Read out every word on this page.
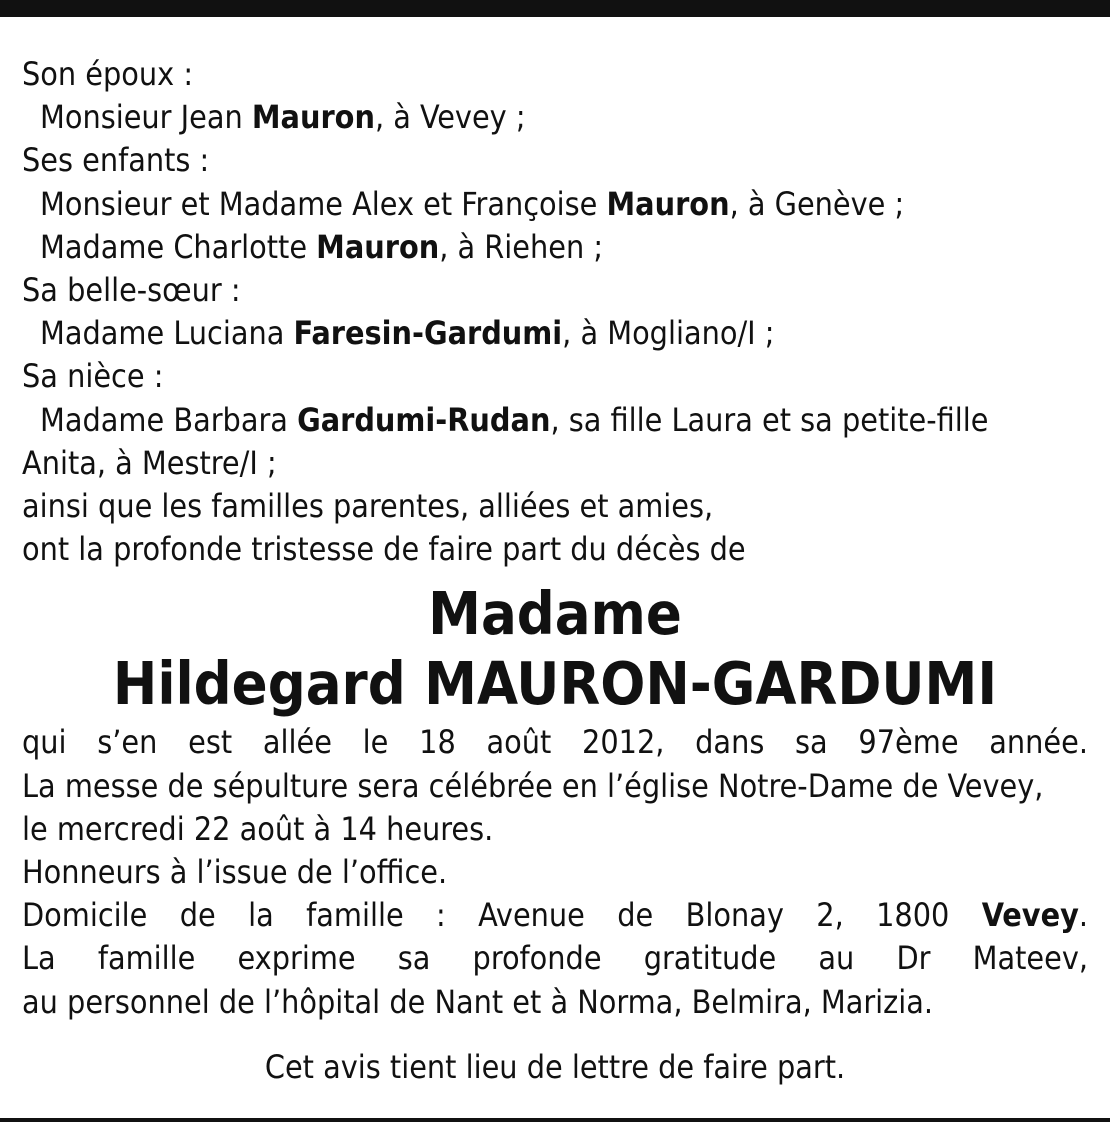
Son époux :

Monsieur Jean Mauron, à Vevey ;

Ses enfants :

Monsieur et Madame Alex et Françoise Mauron, à Genève ;

Madame Charlotte Mauron, à Riehen ;

Sa belle-sœur :

Madame Luciana Faresin-Gardumi, à Mogliano/I ;

Sa nièce :

Madame Barbara Gardumi-Rudan, sa fille Laura et sa petite-fille

Anita, à Mestre/I ;

ainsi que les familles parentes, alliées et amies,

ont la profonde tristesse de faire part du décès de

Madame
Hildegard MAURON-GARDUMI

qui s’en est allée le 18 août 2012, dans sa 97ème année.

La messe de sépulture sera célébrée en l’église Notre-Dame de Vevey,

le mercredi 22 août à 14 heures.

Honneurs à l’issue de l’office.

Domicile de la famille : Avenue de Blonay 2, 1800 Vevey.

La famille exprime sa profonde gratitude au Dr Mateev,

au personnel de l’hôpital de Nant et à Norma, Belmira, Marizia.

Cet avis tient lieu de lettre de faire part.
